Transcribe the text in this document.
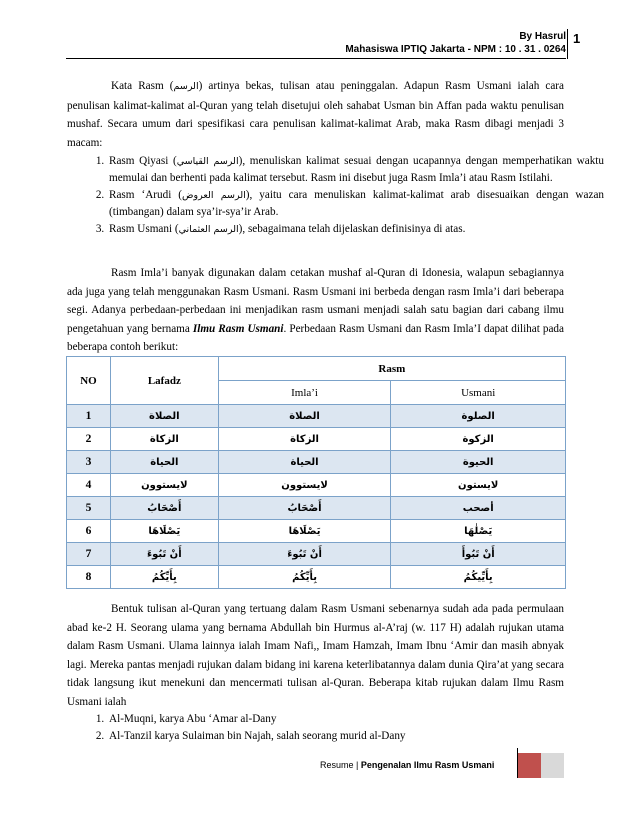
By Hasrul
Mahasiswa IPTIQ Jakarta - NPM : 10 . 31 . 0264
1
Kata Rasm (الرسم) artinya bekas, tulisan atau peninggalan. Adapun Rasm Usmani ialah cara penulisan kalimat-kalimat al-Quran yang telah disetujui oleh sahabat Usman bin Affan pada waktu penulisan mushaf. Secara umum dari spesifikasi cara penulisan kalimat-kalimat Arab, maka Rasm dibagi menjadi 3 macam:
1. Rasm Qiyasi (الرسم القياسي), menuliskan kalimat sesuai dengan ucapannya dengan memperhatikan waktu memulai dan berhenti pada kalimat tersebut. Rasm ini disebut juga Rasm Imla’i atau Rasm Istilahi.
2. Rasm ‘Arudi (الرسم العروض), yaitu cara menuliskan kalimat-kalimat arab disesuaikan dengan wazan (timbangan) dalam sya’ir-sya’ir Arab.
3. Rasm Usmani (الرسم العثماني), sebagaimana telah dijelaskan definisinya di atas.
Rasm Imla’i banyak digunakan dalam cetakan mushaf al-Quran di Idonesia, walapun sebagiannya ada juga yang telah menggunakan Rasm Usmani. Rasm Usmani ini berbeda dengan rasm Imla’i dari beberapa segi. Adanya perbedaan-perbedaan ini menjadikan rasm usmani menjadi salah satu bagian dari cabang ilmu pengetahuan yang bernama Ilmu Rasm Usmani. Perbedaan Rasm Usmani dan Rasm Imla’I dapat dilihat pada beberapa contoh berikut:
NO	Lafadz	Rasm	
		Imla’i	Usmani
1	الصلاة	الصلاة	الصلوة
2	الزكاة	الزكاة	الزكوة
3	الحياة	الحياة	الحيوة
4	لايستوون	لايستوون	لايستون
5	أَصْحَابُ	أَصْحَابُ	أصحب
6	يَصْلَاهَا	يَصْلَاهَا	يَصْلٰهَا
7	أَنْ تَبُوءَ	أَنْ تَبُوءَ	أَنْ تَبُوأَ
8	بِأَيِّكُمُ	بِأَيِّكُمُ	بِأَيِّيكُمُ
Bentuk tulisan al-Quran yang tertuang dalam Rasm Usmani sebenarnya sudah ada pada permulaan abad ke-2 H. Seorang ulama yang bernama Abdullah bin Hurmus al-A’raj (w. 117 H) adalah rujukan utama dalam Rasm Usmani. Ulama lainnya ialah Imam Nafi,, Imam Hamzah, Imam Ibnu ‘Amir dan masih abnyak lagi. Mereka pantas menjadi rujukan dalam bidang ini karena keterlibatannya dalam dunia Qira’at yang secara tidak langsung ikut menekuni dan mencermati tulisan al-Quran. Beberapa kitab rujukan dalam Ilmu Rasm Usmani ialah
1. Al-Muqni, karya Abu ‘Amar al-Dany
2. Al-Tanzil karya Sulaiman bin Najah, salah seorang murid al-Dany
Resume | Pengenalan Ilmu Rasm Usmani
